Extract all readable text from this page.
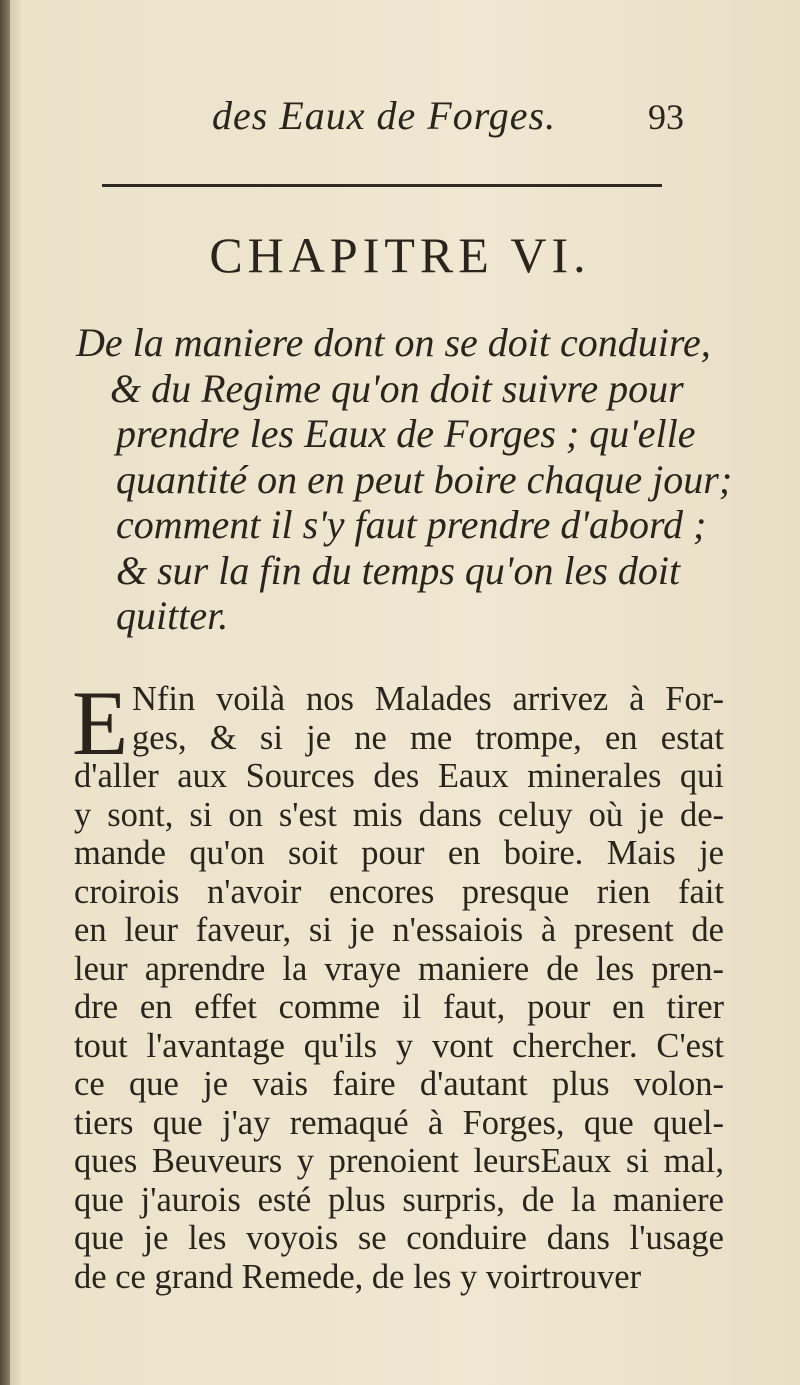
des Eaux de Forges.	93
CHAPITRE VI.
De la maniere dont on se doit conduire,
& du Regime qu'on doit suivre pour
prendre les Eaux de Forges ; qu'elle
quantité on en peut boire chaque jour;
comment il s'y faut prendre d'abord ;
& sur la fin du temps qu'on les doit
quitter.
E Nfin voilà nos Malades arrivez à For-
ges, & si je ne me trompe, en estat
d'aller aux Sources des Eaux minerales qui
y sont, si on s'est mis dans celuy où je de-
mande qu'on soit pour en boire. Mais je
croirois n'avoir encores presque rien fait
en leur faveur, si je n'essaiois à present de
leur aprendre la vraye maniere de les pren-
dre en effet comme il faut, pour en tirer
tout l'avantage qu'ils y vont chercher. C'est
ce que je vais faire d'autant plus volon-
tiers que j'ay remaqué à Forges, que quel-
ques Beuveurs y prenoient leursEaux si mal,
que j'aurois esté plus surpris, de la maniere
que je les voyois se conduire dans l'usage
de ce grand Remede, de les y voirtrouver
